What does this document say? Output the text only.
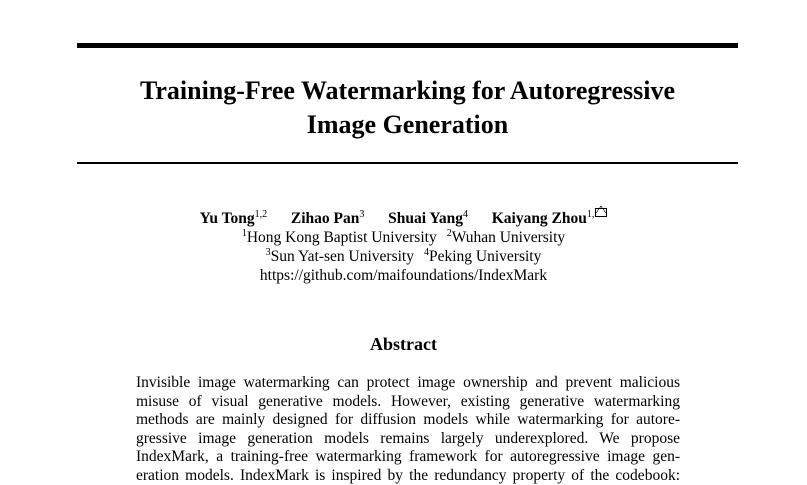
Training-Free Watermarking for Autoregressive
Image Generation
Yu Tong$^{1,2}$ Zihao Pan$^3$ Shuai Yang$^4$ Kaiyang Zhou$^{1,}$
$^1$Hong Kong Baptist University $^2$Wuhan University
$^3$Sun Yat-sen University $^4$Peking University
https://github.com/maifoundations/IndexMark
Abstract
Invisible image watermarking can protect image ownership and prevent malicious
misuse of visual generative models. However, existing generative watermarking
methods are mainly designed for diffusion models while watermarking for autore-
gressive image generation models remains largely underexplored. We propose
IndexMark, a training-free watermarking framework for autoregressive image gen-
eration models. IndexMark is inspired by the redundancy property of the codebook:
